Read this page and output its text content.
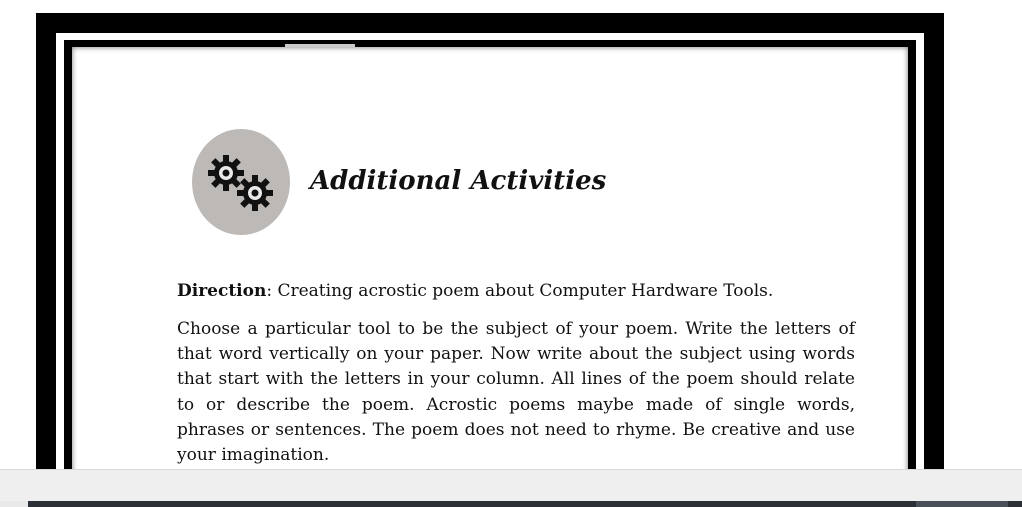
Additional Activities
Direction: Creating acrostic poem about Computer Hardware Tools.
Choose a particular tool to be the subject of your poem. Write the letters of that word vertically on your paper. Now write about the subject using words that start with the letters in your column. All lines of the poem should relate to or describe the poem. Acrostic poems maybe made of single words, phrases or sentences. The poem does not need to rhyme. Be creative and use your imagination.
